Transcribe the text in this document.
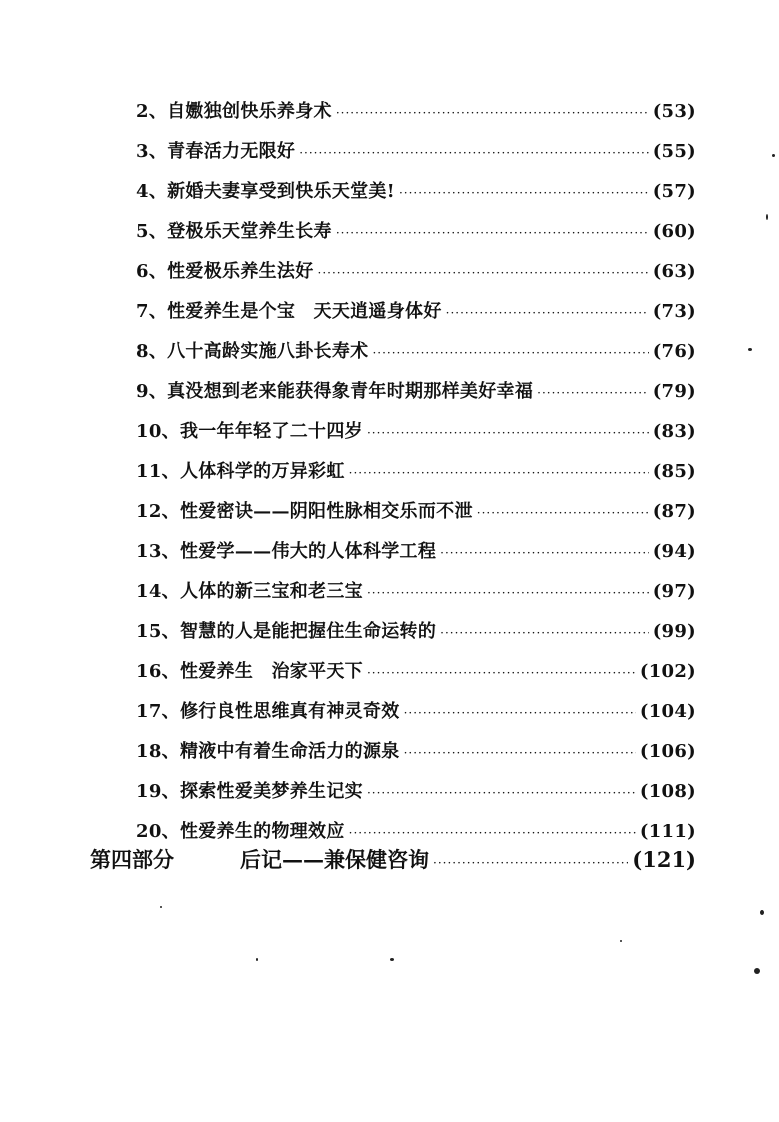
2、自嫐独创快乐养身术 ·····	(53)
3、青春活力无限好 ·····	(55)
4、新婚夫妻享受到快乐天堂美! ·····	(57)
5、登极乐天堂养生长寿 ·····	(60)
6、性爱极乐养生法好 ·····	(63)
7、性爱养生是个宝　天天逍遥身体好 ·····	(73)
8、八十高龄实施八卦长寿术 ·····	(76)
9、真没想到老来能获得象青年时期那样美好幸福 ·····	(79)
10、我一年年轻了二十四岁 ·····	(83)
11、人体科学的万异彩虹 ·····	(85)
12、性爱密诀——阴阳性脉相交乐而不泄 ·····	(87)
13、性爱学——伟大的人体科学工程 ·····	(94)
14、人体的新三宝和老三宝 ·····	(97)
15、智慧的人是能把握住生命运转的 ·····	(99)
16、性爱养生　治家平天下 ·····	(102)
17、修行良性思维真有神灵奇效 ·····	(104)
18、精液中有着生命活力的源泉 ·····	(106)
19、探索性爱美梦养生记实 ·····	(108)
20、性爱养生的物理效应 ·····	(111)
第四部分	后记——兼保健咨询 ·····	(121)
